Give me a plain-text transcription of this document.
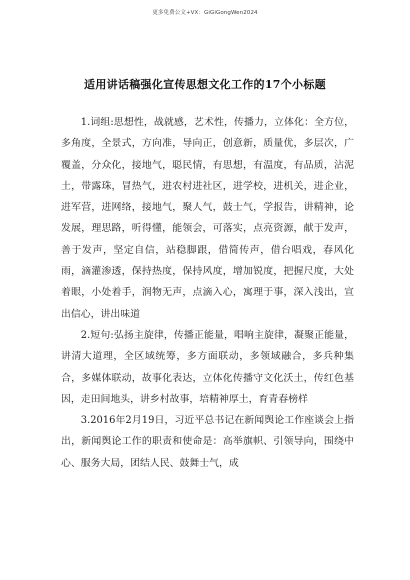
更多免费公文+VX：GiGiGongWen2024
适用讲话稿强化宣传思想文化工作的17个小标题

1.词组:思想性，战就感，艺术性，传播力，立体化：全方位，多角度，全景式，方向准，导向正，创意新，质量优，多层次，广覆盖，分众化，接地气，聪民情，有思想，有温度，有品质，沾泥土，带露珠，冒热气，进农村进社区，进学校，进机关，进企业，进军营，进网络，接地气，聚人气，鼓士气，学报告，讲精神，论发展，理思路，听得懂，能领会，可落实，点亮资源，献于发声，善于发声，坚定自信，站稳脚跟，借简传声，借台唱戏，春风化雨，滴灌渗透，保持热度，保持风度，增加锐度，把握尺度，大处着眼，小处着手，润物无声，点滴入心，寓理于事，深入浅出，宣出信心，讲出味道

2.短句:弘扬主旋律，传播正能量，唱响主旋律，凝聚正能量，讲清大道理，全区域统筹，多方面联动，多领域融合，多兵种集合，多媒体联动，故事化表达，立体化传播守文化沃土，传红色基因，走田间地头，讲乡村故事，培精神厚土，育青春榜样

3.2016年2月19日，习近平总书记在新闻舆论工作座谈会上指出，新闻舆论工作的职责和使命是：高举旗帜、引领导向，围绕中心、服务大局，团结人民、鼓舞士气，成
